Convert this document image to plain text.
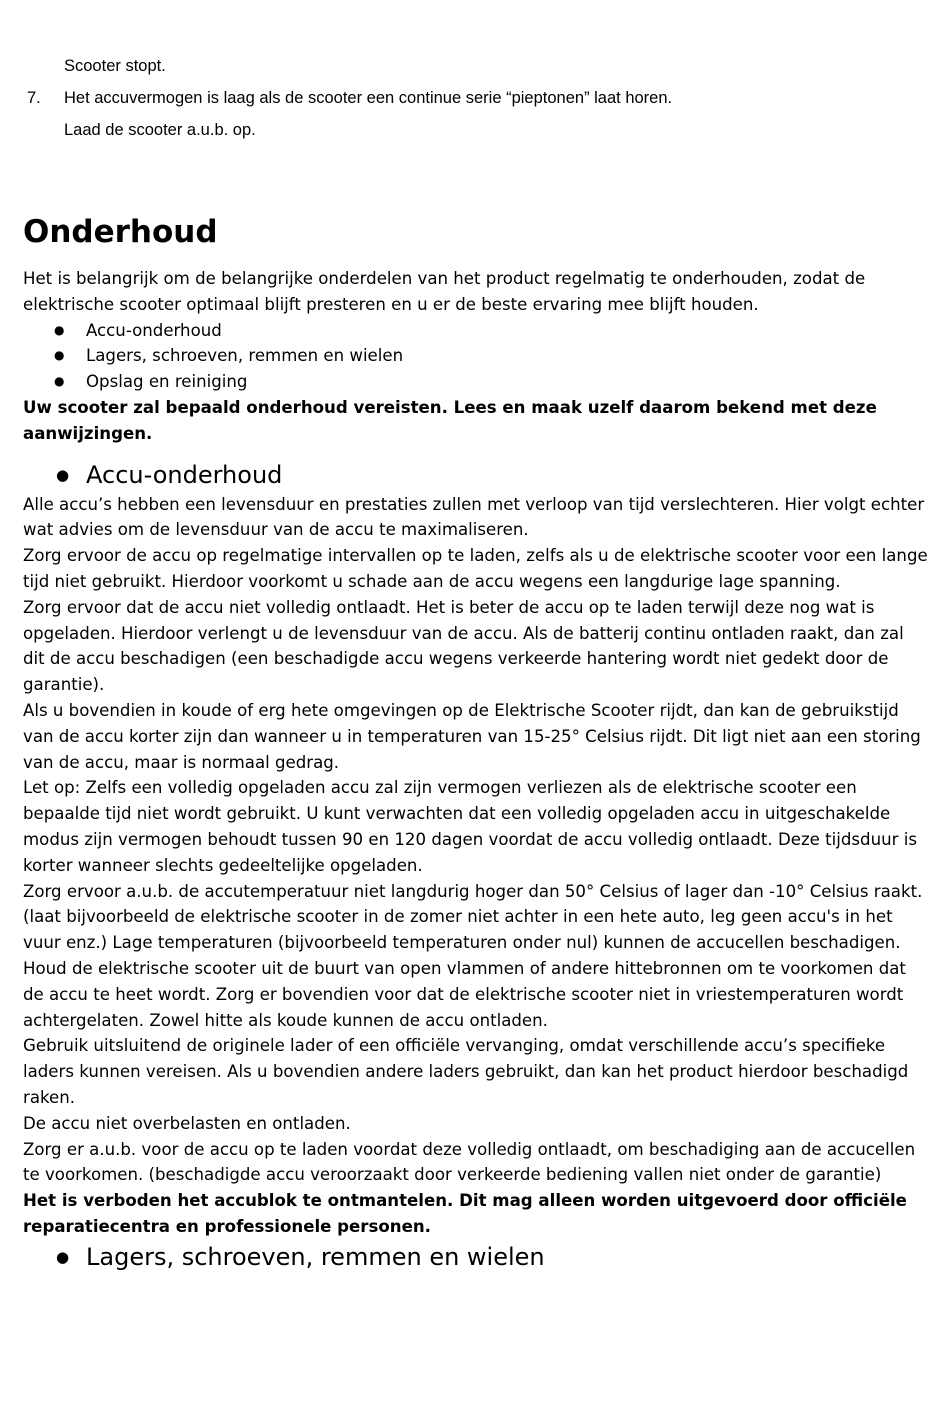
Scooter stopt.
7. Het accuvermogen is laag als de scooter een continue serie “pieptonen” laat horen.
Laad de scooter a.u.b. op.
Onderhoud

Het is belangrijk om de belangrijke onderdelen van het product regelmatig te onderhouden, zodat de elektrische scooter optimaal blijft presteren en u er de beste ervaring mee blijft houden.

● Accu-onderhoud
● Lagers, schroeven, remmen en wielen
● Opslag en reiniging

Uw scooter zal bepaald onderhoud vereisten. Lees en maak uzelf daarom bekend met deze aanwijzingen.

● Accu-onderhoud

Alle accu’s hebben een levensduur en prestaties zullen met verloop van tijd verslechteren. Hier volgt echter wat advies om de levensduur van de accu te maximaliseren.

Zorg ervoor de accu op regelmatige intervallen op te laden, zelfs als u de elektrische scooter voor een lange tijd niet gebruikt. Hierdoor voorkomt u schade aan de accu wegens een langdurige lage spanning.

Zorg ervoor dat de accu niet volledig ontlaadt. Het is beter de accu op te laden terwijl deze nog wat is opgeladen. Hierdoor verlengt u de levensduur van de accu. Als de batterij continu ontladen raakt, dan zal dit de accu beschadigen (een beschadigde accu wegens verkeerde hantering wordt niet gedekt door de garantie).

Als u bovendien in koude of erg hete omgevingen op de Elektrische Scooter rijdt, dan kan de gebruikstijd van de accu korter zijn dan wanneer u in temperaturen van 15-25° Celsius rijdt. Dit ligt niet aan een storing van de accu, maar is normaal gedrag.

Let op: Zelfs een volledig opgeladen accu zal zijn vermogen verliezen als de elektrische scooter een bepaalde tijd niet wordt gebruikt. U kunt verwachten dat een volledig opgeladen accu in uitgeschakelde modus zijn vermogen behoudt tussen 90 en 120 dagen voordat de accu volledig ontlaadt. Deze tijdsduur is korter wanneer slechts gedeeltelijke opgeladen.

Zorg ervoor a.u.b. de accutemperatuur niet langdurig hoger dan 50° Celsius of lager dan -10° Celsius raakt. (laat bijvoorbeeld de elektrische scooter in de zomer niet achter in een hete auto, leg geen accu's in het vuur enz.) Lage temperaturen (bijvoorbeeld temperaturen onder nul) kunnen de accucellen beschadigen.

Houd de elektrische scooter uit de buurt van open vlammen of andere hittebronnen om te voorkomen dat de accu te heet wordt. Zorg er bovendien voor dat de elektrische scooter niet in vriestemperaturen wordt achtergelaten. Zowel hitte als koude kunnen de accu ontladen.

Gebruik uitsluitend de originele lader of een officiële vervanging, omdat verschillende accu’s specifieke laders kunnen vereisen. Als u bovendien andere laders gebruikt, dan kan het product hierdoor beschadigd raken.

De accu niet overbelasten en ontladen.

Zorg er a.u.b. voor de accu op te laden voordat deze volledig ontlaadt, om beschadiging aan de accucellen te voorkomen. (beschadigde accu veroorzaakt door verkeerde bediening vallen niet onder de garantie)

Het is verboden het accublok te ontmantelen. Dit mag alleen worden uitgevoerd door officiële reparatiecentra en professionele personen.

● Lagers, schroeven, remmen en wielen
